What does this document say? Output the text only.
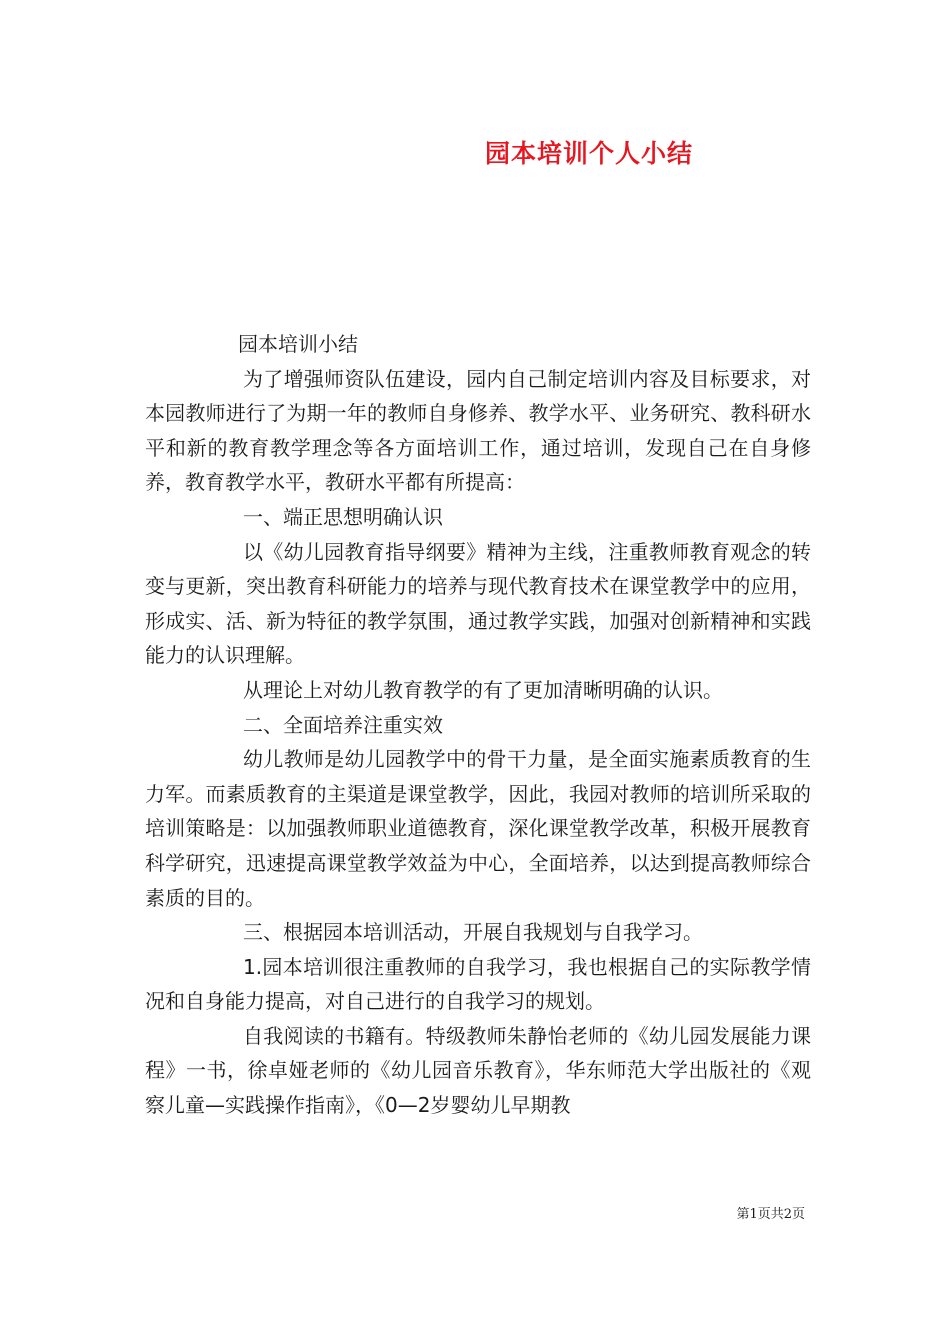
园本培训个人小结

园本培训小结

为了增强师资队伍建设，园内自己制定培训内容及目标要求，对本园教师进行了为期一年的教师自身修养、教学水平、业务研究、教科研水平和新的教育教学理念等各方面培训工作，通过培训，发现自己在自身修养，教育教学水平，教研水平都有所提高：

一、端正思想明确认识

以《幼儿园教育指导纲要》精神为主线，注重教师教育观念的转变与更新，突出教育科研能力的培养与现代教育技术在课堂教学中的应用，形成实、活、新为特征的教学氛围，通过教学实践，加强对创新精神和实践能力的认识理解。

从理论上对幼儿教育教学的有了更加清晰明确的认识。

二、全面培养注重实效

幼儿教师是幼儿园教学中的骨干力量，是全面实施素质教育的生力军。而素质教育的主渠道是课堂教学，因此，我园对教师的培训所采取的培训策略是：以加强教师职业道德教育，深化课堂教学改革，积极开展教育科学研究，迅速提高课堂教学效益为中心，全面培养，以达到提高教师综合素质的目的。

三、根据园本培训活动，开展自我规划与自我学习。

1.园本培训很注重教师的自我学习，我也根据自己的实际教学情况和自身能力提高，对自己进行的自我学习的规划。

自我阅读的书籍有。特级教师朱静怡老师的《幼儿园发展能力课程》一书，徐卓娅老师的《幼儿园音乐教育》，华东师范大学出版社的《观察儿童—实践操作指南》，《0—2岁婴幼儿早期教

第1页共2页
